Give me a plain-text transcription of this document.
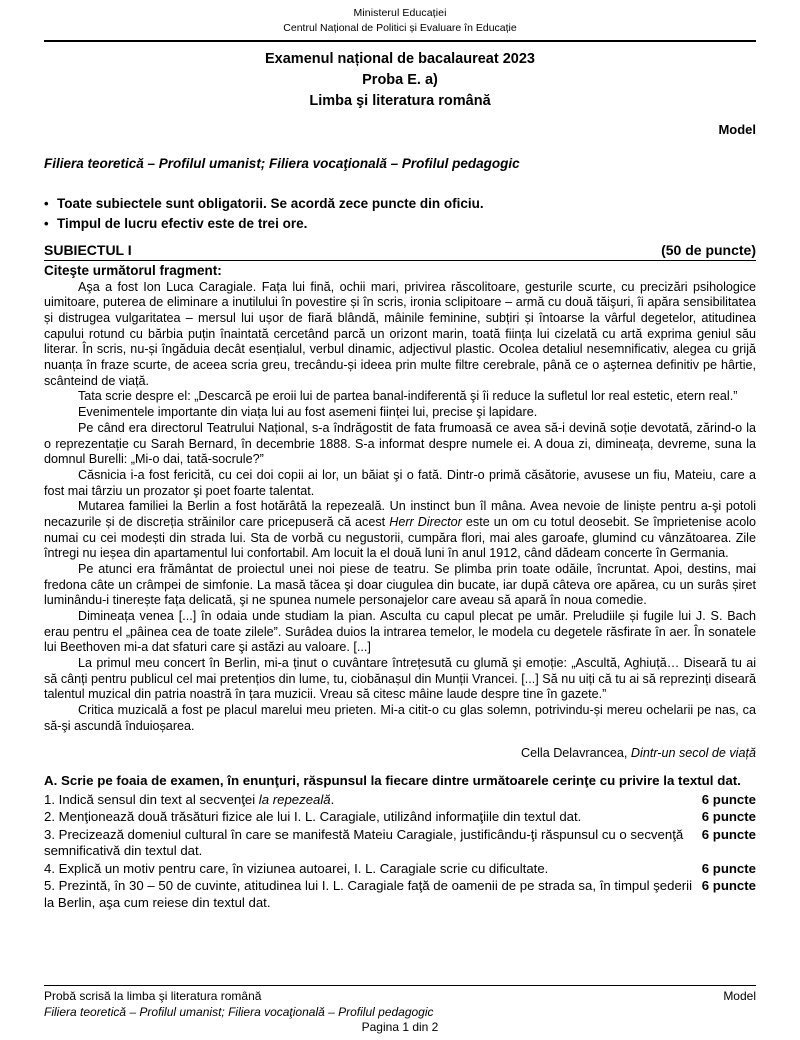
Ministerul Educației
Centrul Național de Politici și Evaluare în Educație
Examenul național de bacalaureat 2023
Proba E. a)
Limba şi literatura română
Model
Filiera teoretică – Profilul umanist; Filiera vocaţională – Profilul pedagogic
• Toate subiectele sunt obligatorii. Se acordă zece puncte din oficiu.
• Timpul de lucru efectiv este de trei ore.
SUBIECTUL I	(50 de puncte)
Citeşte următorul fragment:

Aşa a fost Ion Luca Caragiale. Fața lui fină, ochii mari, privirea răscolitoare, gesturile scurte, cu precizări psihologice uimitoare, puterea de eliminare a inutilului în povestire și în scris, ironia sclipitoare – armă cu două tăişuri, îi apăra sensibilitatea și distrugea vulgaritatea – mersul lui ușor de fiară blândă, mâinile feminine, subțiri și întoarse la vârful degetelor, atitudinea capului rotund cu bărbia puțin înaintată cercetând parcă un orizont marin, toată ființa lui cizelată cu artă exprima geniul său literar. În scris, nu-și îngăduia decât esențialul, verbul dinamic, adjectivul plastic. Ocolea detaliul nesemnificativ, alegea cu grijă nuanța în fraze scurte, de aceea scria greu, trecându-și ideea prin multe filtre cerebrale, până ce o aşternea definitiv pe hârtie, scânteind de viață.

Tata scrie despre el: „Descarcă pe eroii lui de partea banal-indiferentă şi îi reduce la sufletul lor real estetic, etern real.”

Evenimentele importante din viața lui au fost asemeni ființei lui, precise şi lapidare.

Pe când era directorul Teatrului Național, s-a îndrăgostit de fata frumoasă ce avea să-i devină soție devotată, zărind-o la o reprezentație cu Sarah Bernard, în decembrie 1888. S-a informat despre numele ei. A doua zi, dimineața, devreme, suna la domnul Burelli: „Mi-o dai, tată-socrule?”

Căsnicia i-a fost fericită, cu cei doi copii ai lor, un băiat şi o fată. Dintr-o primă căsătorie, avusese un fiu, Mateiu, care a fost mai târziu un prozator şi poet foarte talentat.

Mutarea familiei la Berlin a fost hotărâtă la repezeală. Un instinct bun îl mâna. Avea nevoie de liniște pentru a-şi potoli necazurile și de discreția străinilor care pricepuseră că acest Herr Director este un om cu totul deosebit. Se împrietenise acolo numai cu cei modești din strada lui. Sta de vorbă cu negustorii, cumpăra flori, mai ales garoafe, glumind cu vânzătoarea. Zile întregi nu ieșea din apartamentul lui confortabil. Am locuit la el două luni în anul 1912, când dădeam concerte în Germania.

Pe atunci era frământat de proiectul unei noi piese de teatru. Se plimba prin toate odăile, încruntat. Apoi, destins, mai fredona câte un crâmpei de simfonie. La masă tăcea şi doar ciugulea din bucate, iar după câteva ore apărea, cu un surâs șiret luminându-i tinerește fața delicată, şi ne spunea numele personajelor care aveau să apară în noua comedie.

Dimineața venea [...] în odaia unde studiam la pian. Asculta cu capul plecat pe umăr. Preludiile și fugile lui J. S. Bach erau pentru el „pâinea cea de toate zilele”. Surâdea duios la intrarea temelor, le modela cu degetele răsfirate în aer. În sonatele lui Beethoven mi-a dat sfaturi care şi astăzi au valoare. [...]

La primul meu concert în Berlin, mi-a ținut o cuvântare întrețesută cu glumă şi emoție: „Ascultă, Aghiuță… Diseară tu ai să cânți pentru publicul cel mai pretențios din lume, tu, ciobănașul din Munții Vrancei. [...] Să nu uiți că tu ai să reprezinți diseară talentul muzical din patria noastră în țara muzicii. Vreau să citesc mâine laude despre tine în gazete.”

Critica muzicală a fost pe placul marelui meu prieten. Mi-a citit-o cu glas solemn, potrivindu-și mereu ochelarii pe nas, ca să-şi ascundă înduioșarea.

Cella Delavrancea, Dintr-un secol de viață
A. Scrie pe foaia de examen, în enunţuri, răspunsul la fiecare dintre următoarele cerinţe cu privire la textul dat.
6 puncte
1. Indică sensul din text al secvenţei la repezeală.
6 puncte
2. Menţionează două trăsături fizice ale lui I. L. Caragiale, utilizând informaţiile din textul dat.
6 puncte
3. Precizează domeniul cultural în care se manifestă Mateiu Caragiale, justificându-ţi răspunsul cu o secvenţă semnificativă din textul dat.
6 puncte
4. Explică un motiv pentru care, în viziunea autoarei, I. L. Caragiale scrie cu dificultate.
6 puncte
5. Prezintă, în 30 – 50 de cuvinte, atitudinea lui I. L. Caragiale faţă de oamenii de pe strada sa, în timpul şederii la Berlin, aşa cum reiese din textul dat.
Probă scrisă la limba şi literatura română	Model
Filiera teoretică – Profilul umanist; Filiera vocaţională – Profilul pedagogic
Pagina 1 din 2
